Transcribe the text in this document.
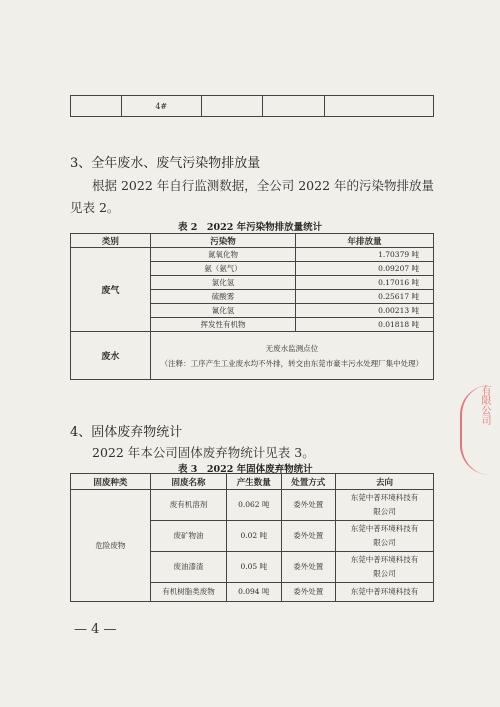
	4#			
3、全年废水、废气污染物排放量
根据 2022 年自行监测数据，全公司 2022 年的污染物排放量
见表 2。
表 2　2022 年污染物排放量统计
类别	污染物	年排放量
废气	氮氧化物	1.70379 吨
	氨（氨气）	0.09207 吨
	氯化氢	0.17016 吨
	硫酸雾	0.25617 吨
	氰化氢	0.00213 吨
	挥发性有机物	0.01818 吨
废水	无废水监测点位
（注释：工序产生工业废水均不外排，转交由东莞市豪丰污水处理厂集中处理）	
4、固体废弃物统计
2022 年本公司固体废弃物统计见表 3。
表 3　2022 年固体废弃物统计
固废种类	固废名称	产生数量	处置方式	去向
危险废物	废有机溶剂	0.062 吨	委外处置	东莞中普环境科技有
限公司

	废矿物油	0.02 吨	委外处置	东莞中普环境科技有
限公司

	废油漆渣	0.05 吨	委外处置	东莞中普环境科技有
限公司

	有机树脂类废物	0.094 吨	委外处置	东莞中普环境科技有
有限公司
— 4 —
